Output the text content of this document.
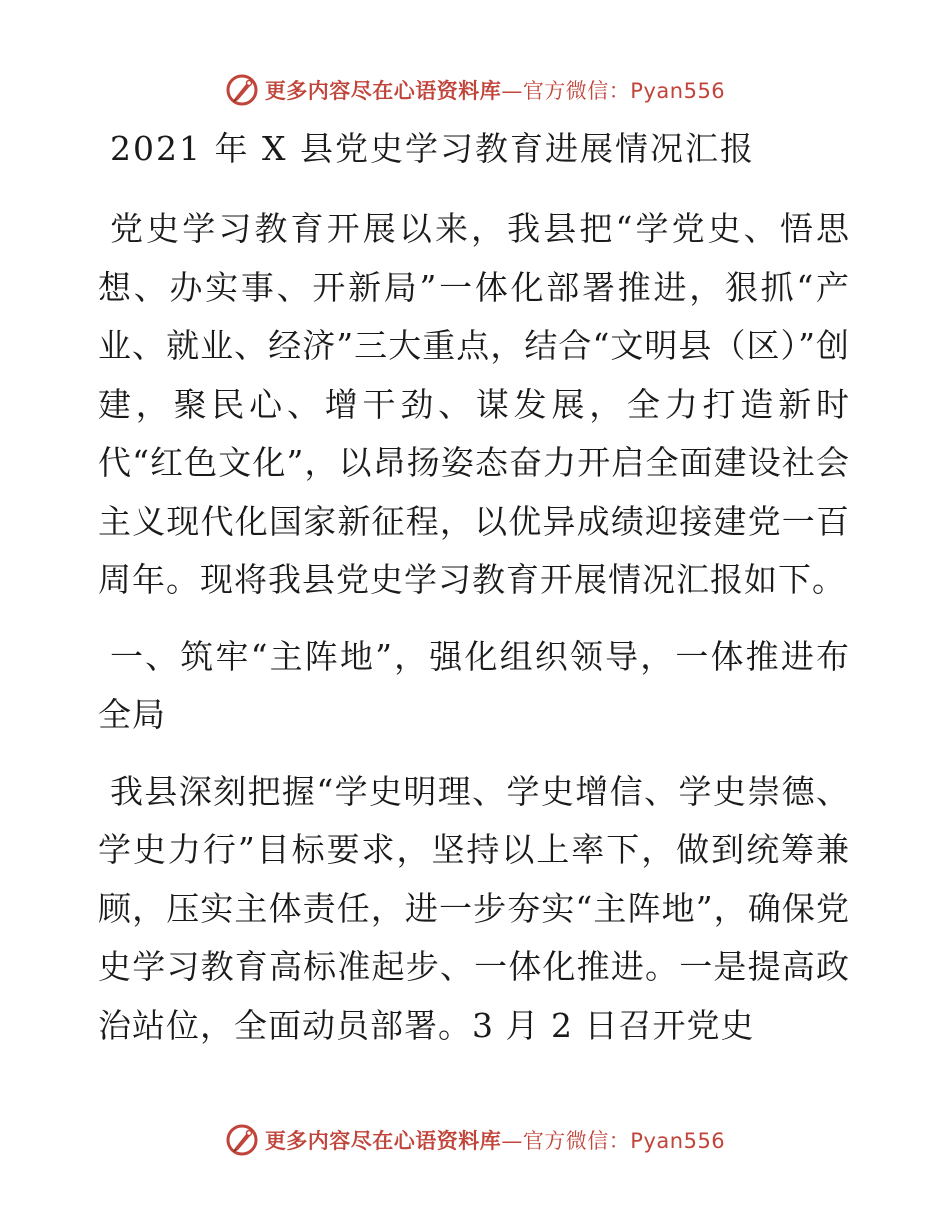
更多内容尽在心语资料库—官方微信：Pyan556
2021 年 X 县党史学习教育进展情况汇报

党史学习教育开展以来，我县把“学党史、悟思想、办实事、开新局”一体化部署推进，狠抓“产业、就业、经济”三大重点，结合“文明县（区）”创建，聚民心、增干劲、谋发展，全力打造新时代“红色文化”，以昂扬姿态奋力开启全面建设社会主义现代化国家新征程，以优异成绩迎接建党一百周年。现将我县党史学习教育开展情况汇报如下。

一、筑牢“主阵地”，强化组织领导，一体推进布全局

我县深刻把握“学史明理、学史增信、学史崇德、学史力行”目标要求，坚持以上率下，做到统筹兼顾，压实主体责任，进一步夯实“主阵地”，确保党史学习教育高标准起步、一体化推进。一是提高政治站位，全面动员部署。3 月 2 日召开党史

更多内容尽在心语资料库—官方微信：Pyan556
